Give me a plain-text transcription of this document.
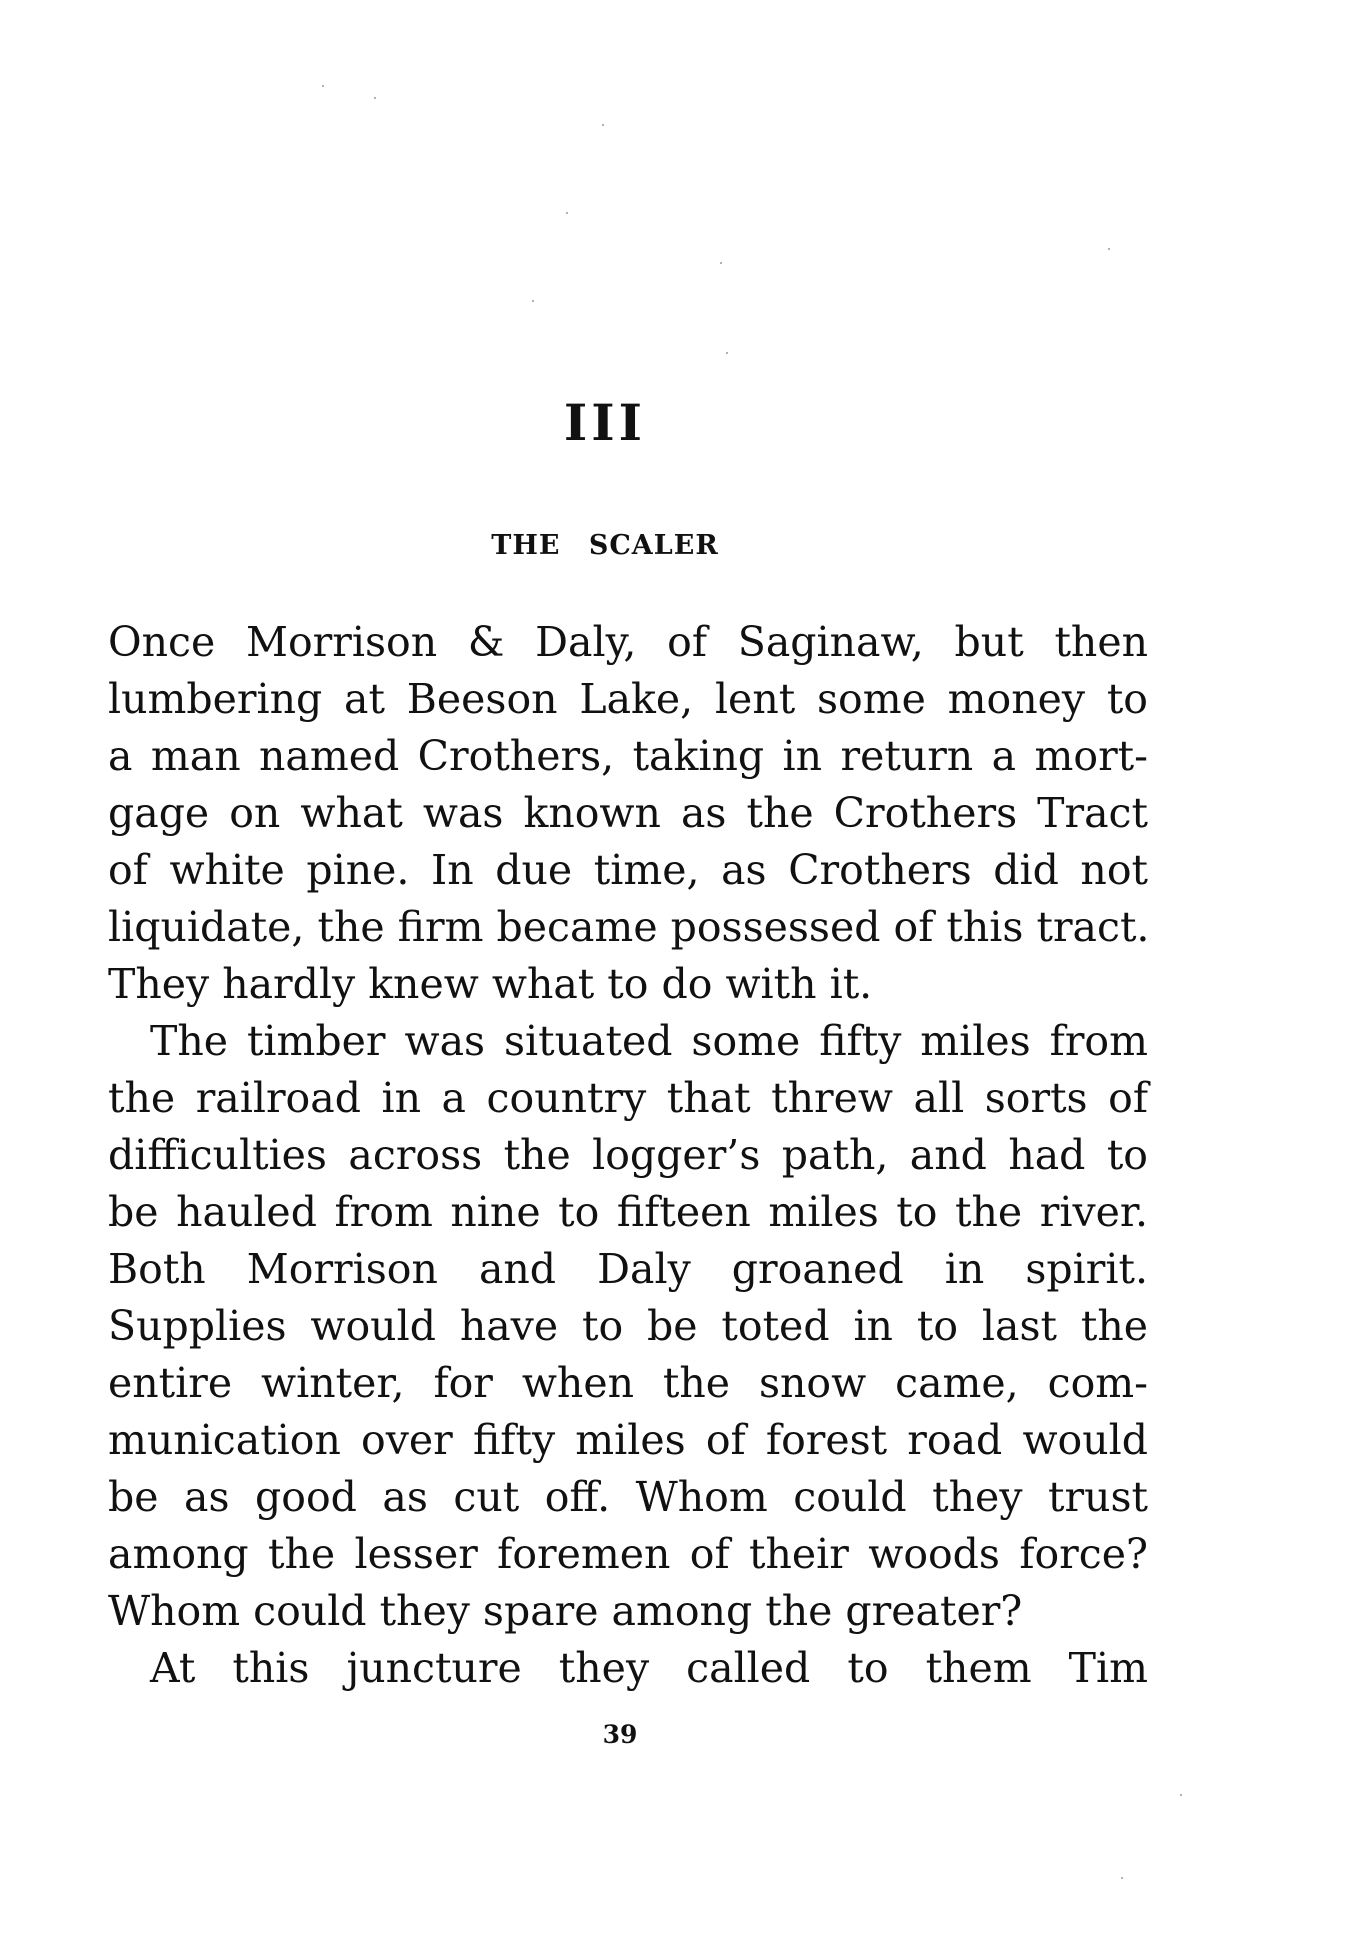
III
THE SCALER
Once Morrison & Daly, of Saginaw, but then
lumbering at Beeson Lake, lent some money to
a man named Crothers, taking in return a mort-
gage on what was known as the Crothers Tract
of white pine. In due time, as Crothers did not
liquidate, the firm became possessed of this tract.
They hardly knew what to do with it.
The timber was situated some fifty miles from
the railroad in a country that threw all sorts of
difficulties across the logger’s path, and had to
be hauled from nine to fifteen miles to the river.
Both Morrison and Daly groaned in spirit.
Supplies would have to be toted in to last the
entire winter, for when the snow came, com-
munication over fifty miles of forest road would
be as good as cut off. Whom could they trust
among the lesser foremen of their woods force?
Whom could they spare among the greater?
At this juncture they called to them Tim
39
